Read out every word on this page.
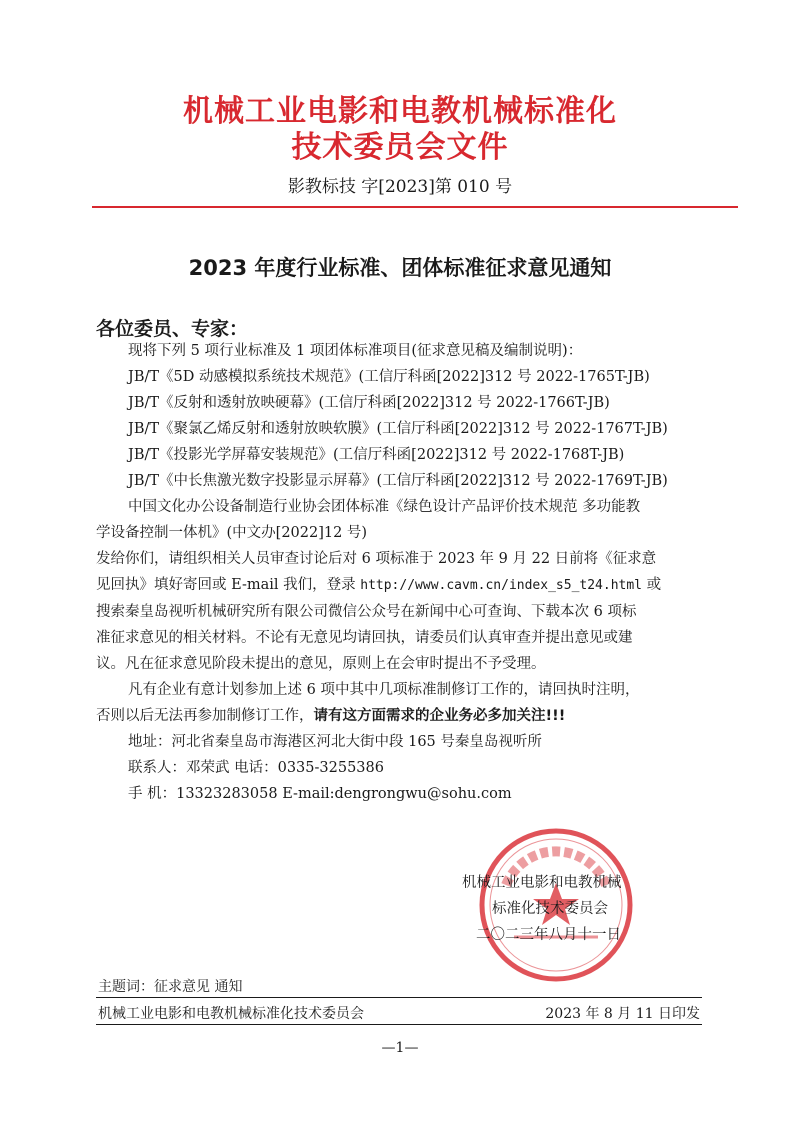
机械工业电影和电教机械标准化
技术委员会文件
影教标技 字[2023]第 010 号
2023 年度行业标准、团体标准征求意见通知
各位委员、专家：

现将下列 5 项行业标准及 1 项团体标准项目(征求意见稿及编制说明)：

JB/T《5D 动感模拟系统技术规范》(工信厅科函[2022]312 号 2022-1765T-JB)

JB/T《反射和透射放映硬幕》(工信厅科函[2022]312 号 2022-1766T-JB)

JB/T《聚氯乙烯反射和透射放映软膜》(工信厅科函[2022]312 号 2022-1767T-JB)

JB/T《投影光学屏幕安装规范》(工信厅科函[2022]312 号 2022-1768T-JB)

JB/T《中长焦激光数字投影显示屏幕》(工信厅科函[2022]312 号 2022-1769T-JB)

中国文化办公设备制造行业协会团体标准《绿色设计产品评价技术规范 多功能教

学设备控制一体机》(中文办[2022]12 号)

发给你们，请组织相关人员审查讨论后对 6 项标准于 2023 年 9 月 22 日前将《征求意

见回执》填好寄回或 E-mail 我们，登录 http://www.cavm.cn/index_s5_t24.html 或

搜索秦皇岛视听机械研究所有限公司微信公众号在新闻中心可查询、下载本次 6 项标

准征求意见的相关材料。不论有无意见均请回执，请委员们认真审查并提出意见或建

议。凡在征求意见阶段未提出的意见，原则上在会审时提出不予受理。

凡有企业有意计划参加上述 6 项中其中几项标准制修订工作的，请回执时注明，

否则以后无法再参加制修订工作，请有这方面需求的企业务必多加关注!!!

地址：河北省秦皇岛市海港区河北大街中段 165 号秦皇岛视听所

联系人：邓荣武 电话：0335-3255386

手 机：13323283058 E-mail:dengrongwu@sohu.com

机械工业电影和电教机械
标准化技术委员会
二〇二三年八月十一日
主题词：征求意见 通知
机械工业电影和电教机械标准化技术委员会	2023 年 8 月 11 日印发
—1—
